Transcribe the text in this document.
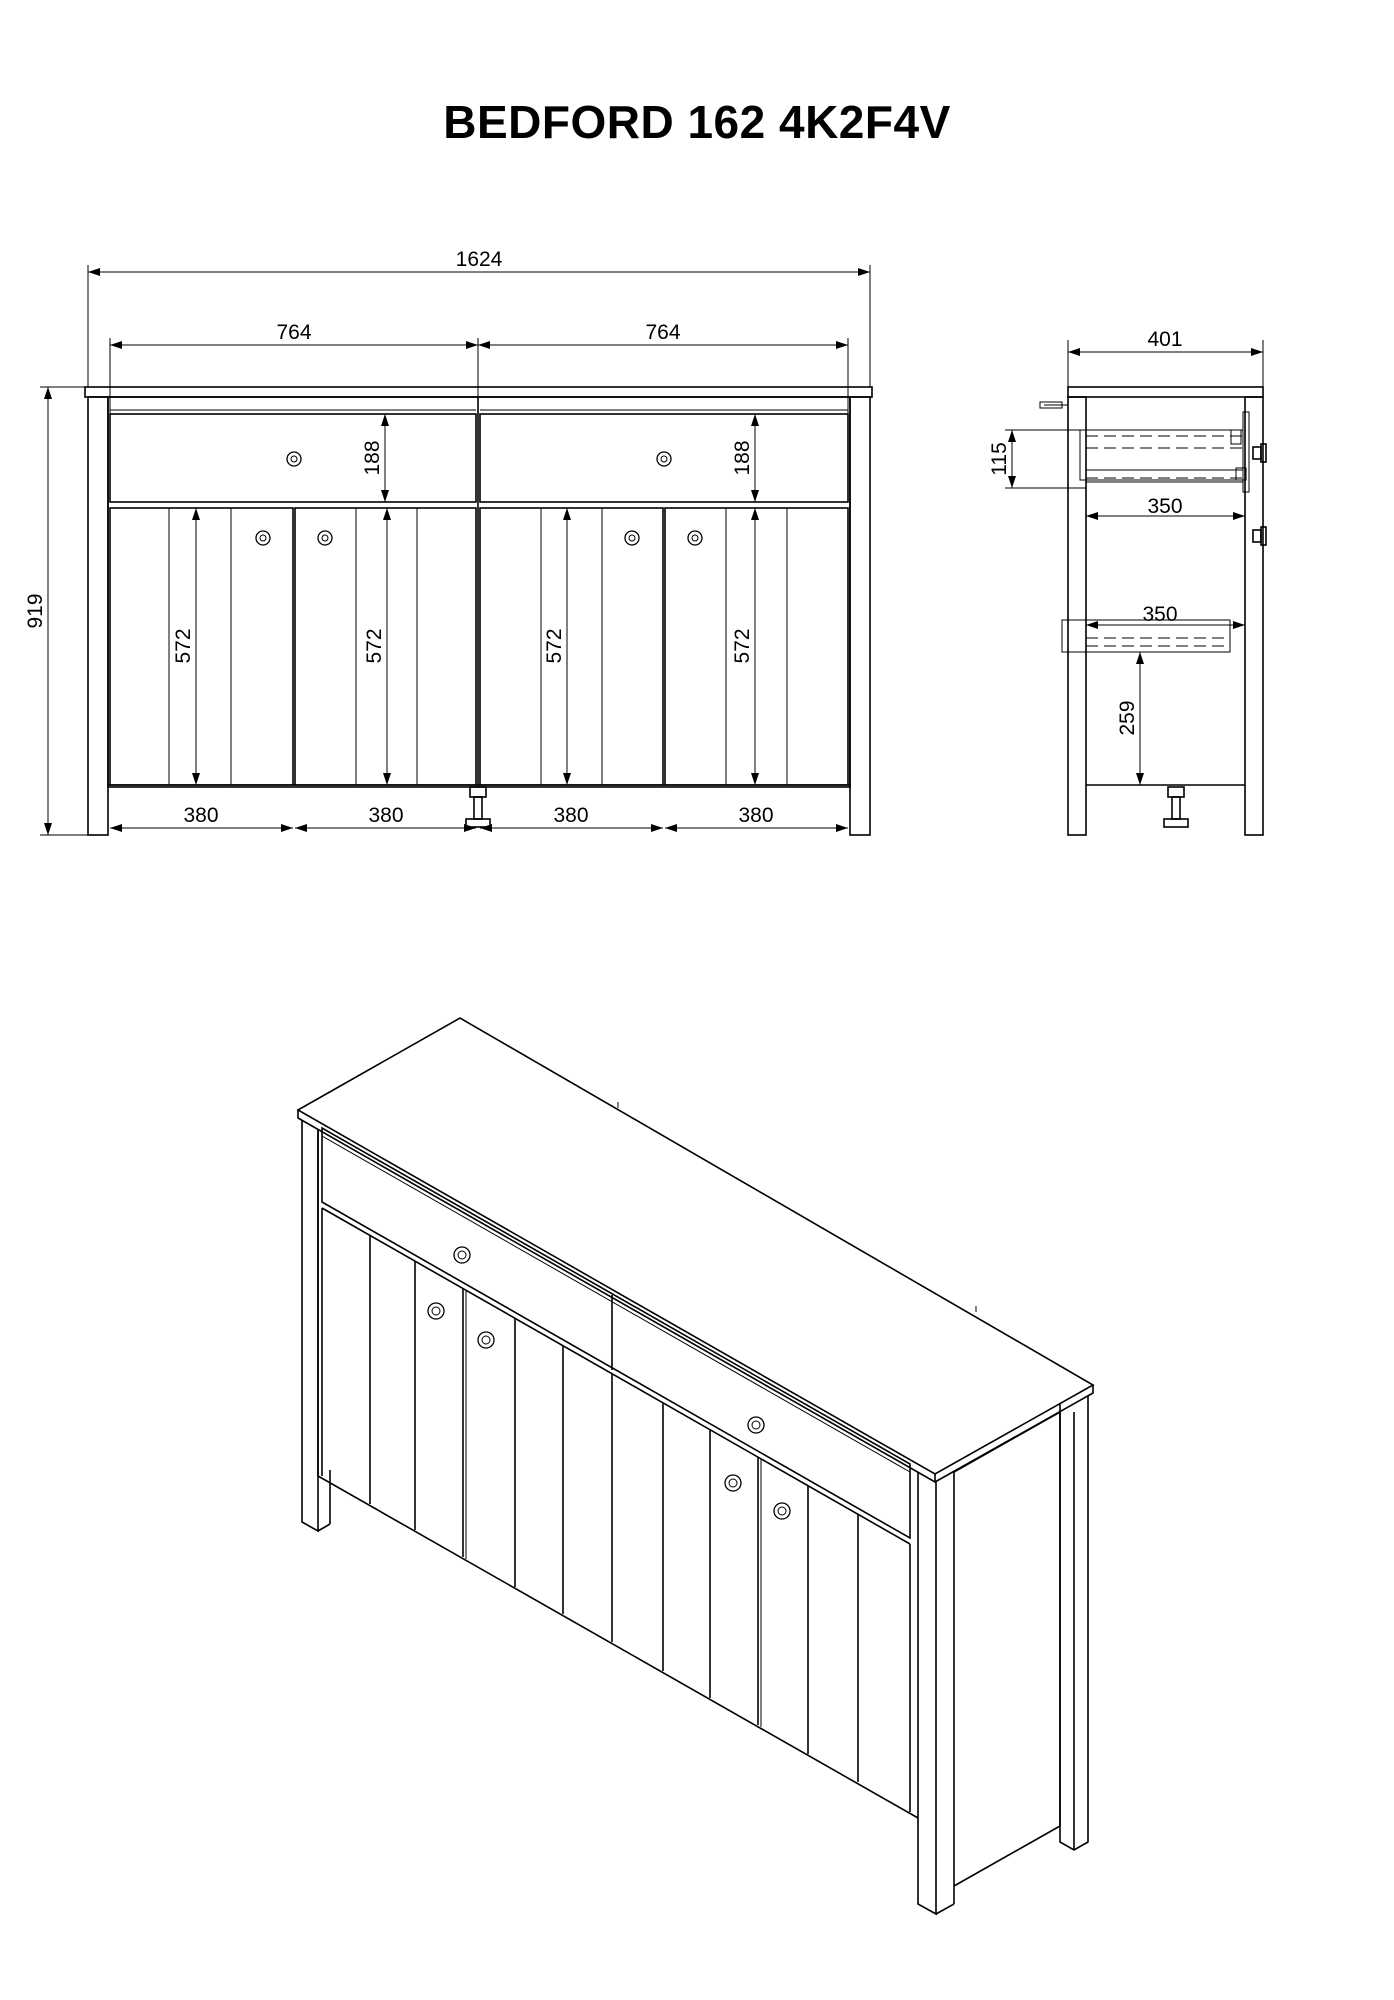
BEDFORD 162 4K2F4V
1624
764	764
919
188	188
572	572	572	572
380	380	380	380
401
115
350
350
259
